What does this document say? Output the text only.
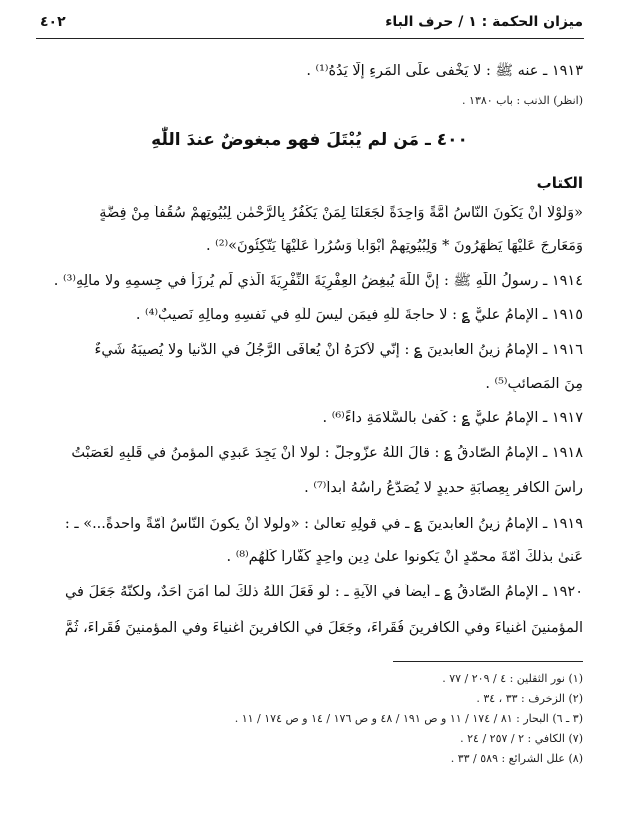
ميزان الحكمة : ١ / حرف الباء
٤٠٢
١٩١٣ ـ عنه ﷺ : لا يَخْفى علَى المَرءِ إلّا يَدُهُ⁽¹⁾ .
(انظر) الذنب : باب ١٣٨٠ .
٤٠٠ ـ مَن لم يُبْتَلَ فهو مبغوضٌ عندَ اللّٰهِ
الكتاب
«وَلَوْلَا أَنْ يَكُونَ النَّاسُ أُمَّةً وَاحِدَةً لَجَعَلْنَا لِمَنْ يَكْفُرُ بِالرَّحْمٰنِ لِبُيُوتِهِمْ سُقُفاً مِنْ فِضَّةٍ
وَمَعَارِجَ عَلَيْهَا يَظْهَرُونَ * وَلِبُيُوتِهِمْ أَبْوَاباً وَسُرُراً عَلَيْهَا يَتَّكِئُونَ»⁽²⁾ .
١٩١٤ ـ رسولُ اللّٰهِ ﷺ : إنَّ اللّٰهَ يُبغِضُ العِفْرِيَةَ النِّفْرِيَةَ الّذي لَم يُرزَأْ في جِسمِهِ ولا مالِهِ⁽³⁾ .
١٩١٥ ـ الإمامُ عليٌّ ؏ : لا حاجةَ للّٰهِ فيمَن ليسَ للّٰهِ في نَفسِهِ ومالِهِ نَصيبٌ⁽⁴⁾ .
١٩١٦ ـ الإمامُ زينُ العابدينَ ؏ : إنّي لَأكرَهُ أنْ يُعافَى الرَّجُلُ في الدُّنيا ولا يُصيبَهُ شَيءٌ
مِنَ المَصائبِ⁽⁵⁾ .
١٩١٧ ـ الإمامُ عليٌّ ؏ : كَفىٰ بالسَّلامَةِ داءً⁽⁶⁾ .
١٩١٨ ـ الإمامُ الصّادقُ ؏ : قالَ اللّٰهُ عزّوجلّ : لولا أنْ يَجِدَ عَبدِي المؤمنُ في قَلبِهِ لَعَصَبْتُ
رأسَ الكافرِ بِعِصابَةِ حديدٍ لا يُصَدَّعُ رأسُهُ أبداً⁽⁷⁾ .
١٩١٩ ـ الإمامُ زينُ العابدينَ ؏ ـ في قولِهِ تعالىٰ : «ولولا أنْ يكونَ النّاسُ اُمّةً واحدةً...» ـ :
عَنىٰ بذلكَ اُمّةَ محمّدٍ أنْ يَكونوا علىٰ دِينٍ واحِدٍ كُفّاراً كُلَّهُم⁽⁸⁾ .
١٩٢٠ ـ الإمامُ الصّادقُ ؏ ـ أيضاً في الآيةِ ـ : لَو فَعَلَ اللّٰهُ ذلكَ لَما آمَنَ أحَدٌ، ولكنَّهُ جَعَلَ في
المؤمنينَ أغنياءَ وفي الكافرينَ فُقَراءَ، وجَعَلَ في الكافرينَ أغنياءَ وفي المؤمنينَ فُقَراءَ، ثُمَّ
(١) نور الثقلين : ٤ / ٢٠٩ / ٧٧ .
(٢) الزخرف : ٣٣ ، ٣٤ .
(٣ ـ ٦) البحار : ٨١ / ١٧٤ / ١١ و ص ١٩١ / ٤٨ و ص ١٧٦ / ١٤ و ص ١٧٤ / ١١ .
(٧) الكافي : ٢ / ٢٥٧ / ٢٤ .
(٨) علل الشرائع : ٥٨٩ / ٣٣ .
